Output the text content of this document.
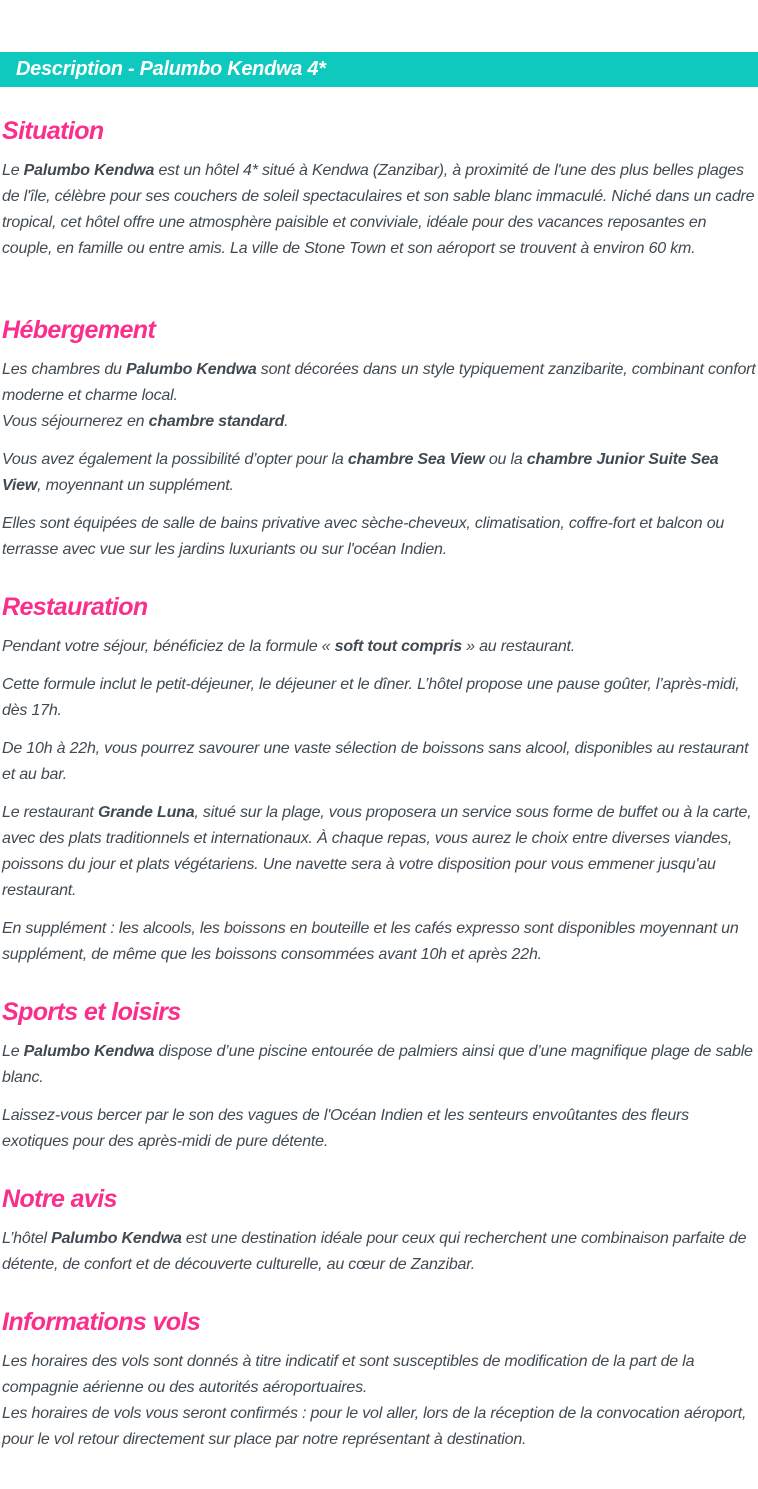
Description - Palumbo Kendwa 4*
Situation

Le Palumbo Kendwa est un hôtel 4* situé à Kendwa (Zanzibar), à proximité de l'une des plus belles plages de l'île, célèbre pour ses couchers de soleil spectaculaires et son sable blanc immaculé. Niché dans un cadre tropical, cet hôtel offre une atmosphère paisible et conviviale, idéale pour des vacances reposantes en couple, en famille ou entre amis. La ville de Stone Town et son aéroport se trouvent à environ 60 km.

Hébergement

Les chambres du Palumbo Kendwa sont décorées dans un style typiquement zanzibarite, combinant confort moderne et charme local.
Vous séjournerez en chambre standard.

Vous avez également la possibilité d’opter pour la chambre Sea View ou la chambre Junior Suite Sea View, moyennant un supplément.

Elles sont équipées de salle de bains privative avec sèche-cheveux, climatisation, coffre-fort et balcon ou terrasse avec vue sur les jardins luxuriants ou sur l'océan Indien.

Restauration

Pendant votre séjour, bénéficiez de la formule « soft tout compris » au restaurant.

Cette formule inclut le petit-déjeuner, le déjeuner et le dîner. L’hôtel propose une pause goûter, l’après-midi, dès 17h.

De 10h à 22h, vous pourrez savourer une vaste sélection de boissons sans alcool, disponibles au restaurant et au bar.

Le restaurant Grande Luna, situé sur la plage, vous proposera un service sous forme de buffet ou à la carte, avec des plats traditionnels et internationaux. À chaque repas, vous aurez le choix entre diverses viandes, poissons du jour et plats végétariens. Une navette sera à votre disposition pour vous emmener jusqu'au restaurant.

En supplément : les alcools, les boissons en bouteille et les cafés expresso sont disponibles moyennant un supplément, de même que les boissons consommées avant 10h et après 22h.

Sports et loisirs

Le Palumbo Kendwa dispose d’une piscine entourée de palmiers ainsi que d’une magnifique plage de sable blanc.

Laissez-vous bercer par le son des vagues de l'Océan Indien et les senteurs envoûtantes des fleurs exotiques pour des après-midi de pure détente.

Notre avis

L’hôtel Palumbo Kendwa est une destination idéale pour ceux qui recherchent une combinaison parfaite de détente, de confort et de découverte culturelle, au cœur de Zanzibar.

Informations vols

Les horaires des vols sont donnés à titre indicatif et sont susceptibles de modification de la part de la compagnie aérienne ou des autorités aéroportuaires.
Les horaires de vols vous seront confirmés : pour le vol aller, lors de la réception de la convocation aéroport, pour le vol retour directement sur place par notre représentant à destination.
